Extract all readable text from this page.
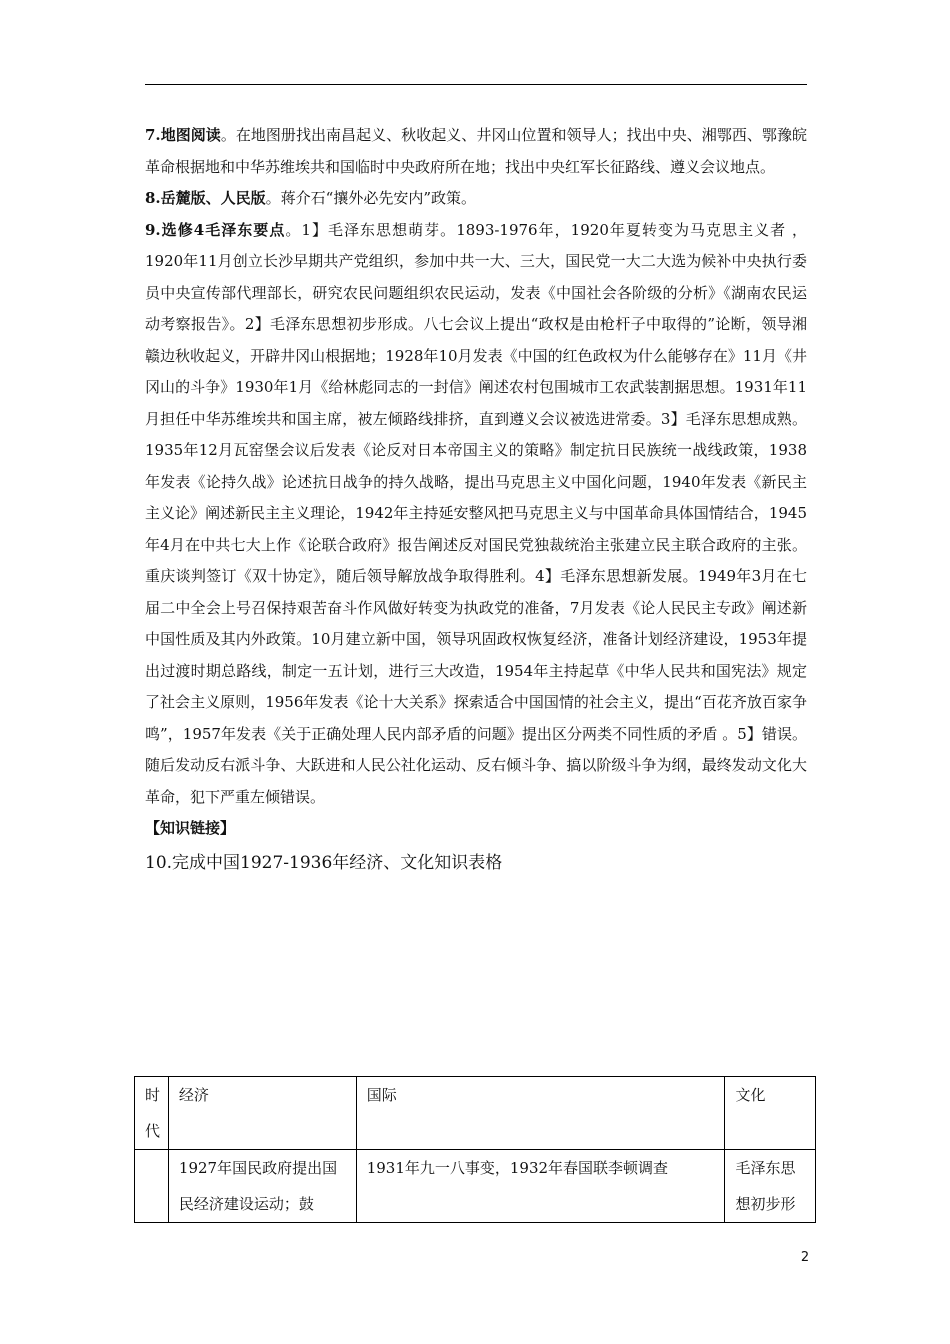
7.地图阅读。在地图册找出南昌起义、秋收起义、井冈山位置和领导人；找出中央、湘鄂西、鄂豫皖革命根据地和中华苏维埃共和国临时中央政府所在地；找出中央红军长征路线、遵义会议地点。

8.岳麓版、人民版。蒋介石“攘外必先安内”政策。

9.选修4毛泽东要点。1】毛泽东思想萌芽。1893-1976年，1920年夏转变为马克思主义者 ，1920年11月创立长沙早期共产党组织，参加中共一大、三大，国民党一大二大选为候补中央执行委员中央宣传部代理部长，研究农民问题组织农民运动，发表《中国社会各阶级的分析》《湖南农民运动考察报告》。2】毛泽东思想初步形成。八七会议上提出“政权是由枪杆子中取得的”论断，领导湘赣边秋收起义，开辟井冈山根据地；1928年10月发表《中国的红色政权为什么能够存在》11月《井冈山的斗争》1930年1月《给林彪同志的一封信》阐述农村包围城市工农武装割据思想。1931年11月担任中华苏维埃共和国主席，被左倾路线排挤，直到遵义会议被选进常委。3】毛泽东思想成熟。1935年12月瓦窑堡会议后发表《论反对日本帝国主义的策略》制定抗日民族统一战线政策，1938年发表《论持久战》论述抗日战争的持久战略，提出马克思主义中国化问题，1940年发表《新民主主义论》阐述新民主主义理论，1942年主持延安整风把马克思主义与中国革命具体国情结合，1945年4月在中共七大上作《论联合政府》报告阐述反对国民党独裁统治主张建立民主联合政府的主张。重庆谈判签订《双十协定》，随后领导解放战争取得胜利。4】毛泽东思想新发展。1949年3月在七届二中全会上号召保持艰苦奋斗作风做好转变为执政党的准备，7月发表《论人民民主专政》阐述新中国性质及其内外政策。10月建立新中国，领导巩固政权恢复经济，准备计划经济建设，1953年提出过渡时期总路线，制定一五计划，进行三大改造，1954年主持起草《中华人民共和国宪法》规定了社会主义原则，1956年发表《论十大关系》探索适合中国国情的社会主义，提出“百花齐放百家争鸣”，1957年发表《关于正确处理人民内部矛盾的问题》提出区分两类不同性质的矛盾 。5】错误。随后发动反右派斗争、大跃进和人民公社化运动、反右倾斗争、搞以阶级斗争为纲，最终发动文化大革命，犯下严重左倾错误。

【知识链接】

10.完成中国1927-1936年经济、文化知识表格

时代	经济	国际	文化
	1927年国民政府提出国民经济建设运动；鼓	1931年九一八事变，1932年春国联李顿调查	毛泽东思想初步形
2
